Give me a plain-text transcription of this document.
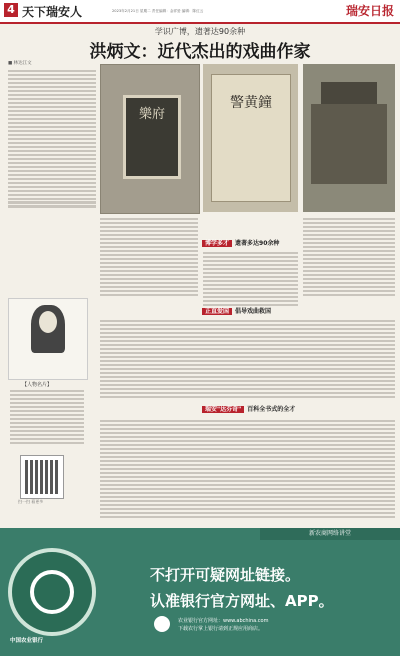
4 天下瑞安人	2023年2月21日 星期二 责任编辑：金祥爱 编辑：陈红云	瑞安日报
学识广博，遗著达90余种
洪炳文：近代杰出的戏曲作家
■ 林达江文
樂府
警黄鐘
博学多才 遗著多达90余种
正直爱国 倡导戏曲救国
【人物名片】
瑞安"达芬奇" 百科全书式的全才
扫一扫 看更多
新农商网络讲堂
中国农业银行
不打开可疑网址链接。
认准银行官方网址、APP。
农业银行官方网址：www.abchina.com
下载农行掌上银行请到正规应用商店。
